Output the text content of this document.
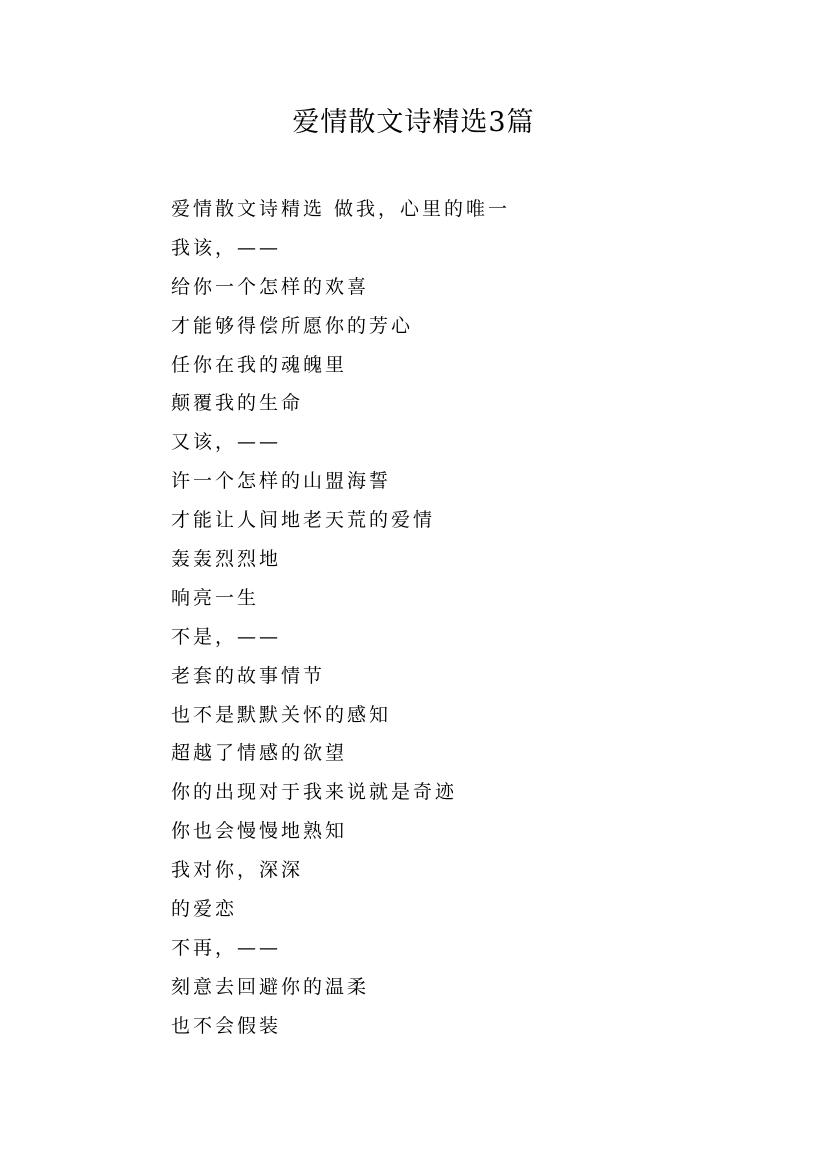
爱情散文诗精选3篇
爱情散文诗精选 做我，心里的唯一
我该，——
给你一个怎样的欢喜
才能够得偿所愿你的芳心
任你在我的魂魄里
颠覆我的生命
又该，——
许一个怎样的山盟海誓
才能让人间地老天荒的爱情
轰轰烈烈地
响亮一生
不是，——
老套的故事情节
也不是默默关怀的感知
超越了情感的欲望
你的出现对于我来说就是奇迹
你也会慢慢地熟知
我对你，深深
的爱恋
不再，——
刻意去回避你的温柔
也不会假装
